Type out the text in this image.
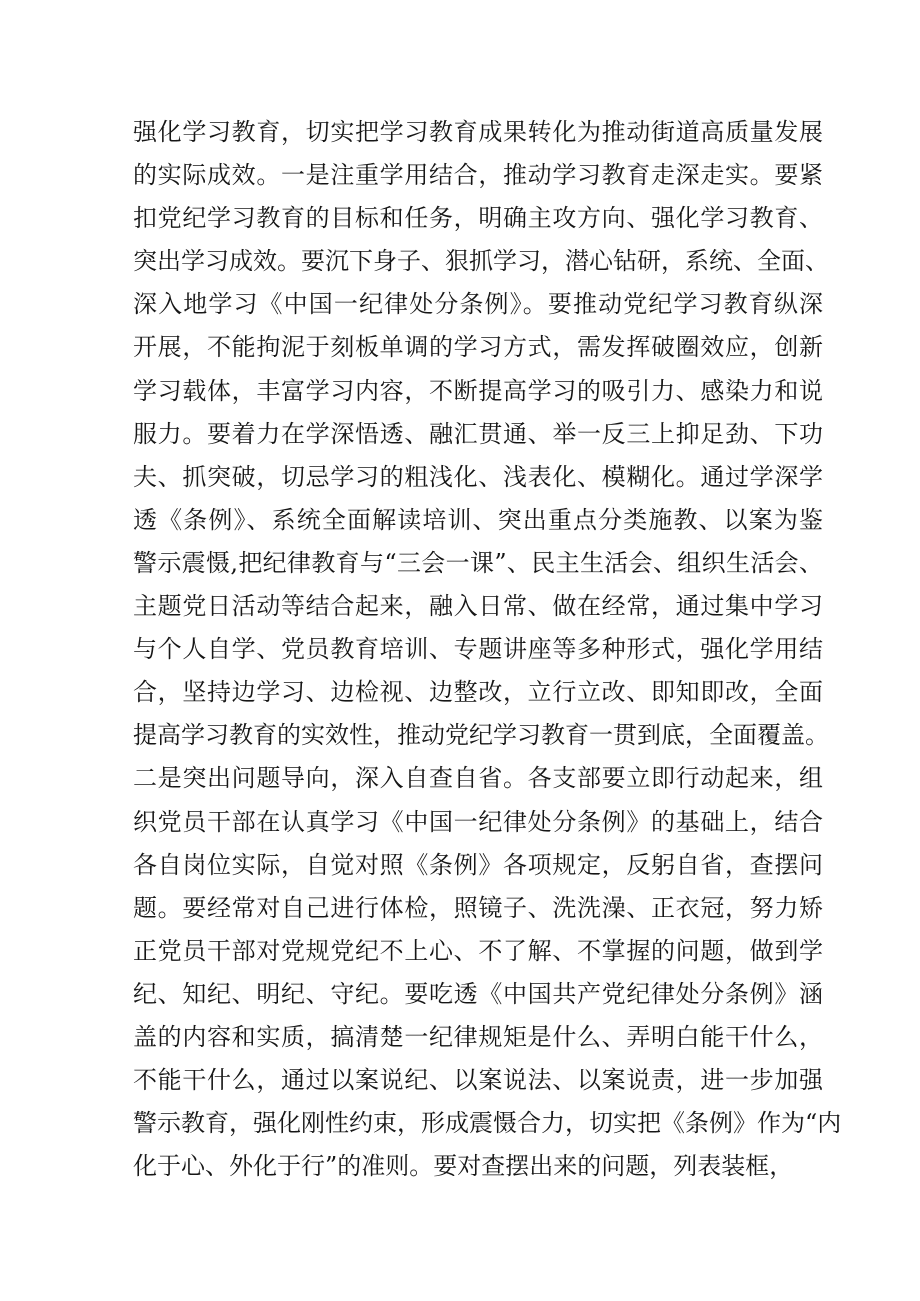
强化学习教育，切实把学习教育成果转化为推动街道高质量发展
的实际成效。一是注重学用结合，推动学习教育走深走实。要紧
扣党纪学习教育的目标和任务，明确主攻方向、强化学习教育、
突出学习成效。要沉下身子、狠抓学习，潜心钻研，系统、全面、
深入地学习《中国一纪律处分条例》。要推动党纪学习教育纵深
开展，不能拘泥于刻板单调的学习方式，需发挥破圈效应，创新
学习载体，丰富学习内容，不断提高学习的吸引力、感染力和说
服力。要着力在学深悟透、融汇贯通、举一反三上抑足劲、下功
夫、抓突破，切忌学习的粗浅化、浅表化、模糊化。通过学深学
透《条例》、系统全面解读培训、突出重点分类施教、以案为鉴
警示震慑,把纪律教育与“三会一课”、民主生活会、组织生活会、
主题党日活动等结合起来，融入日常、做在经常，通过集中学习
与个人自学、党员教育培训、专题讲座等多种形式，强化学用结
合，坚持边学习、边检视、边整改，立行立改、即知即改，全面
提高学习教育的实效性，推动党纪学习教育一贯到底，全面覆盖。
二是突出问题导向，深入自查自省。各支部要立即行动起来，组
织党员干部在认真学习《中国一纪律处分条例》的基础上，结合
各自岗位实际，自觉对照《条例》各项规定，反躬自省，查摆问
题。要经常对自己进行体检，照镜子、洗洗澡、正衣冠，努力矫
正党员干部对党规党纪不上心、不了解、不掌握的问题，做到学
纪、知纪、明纪、守纪。要吃透《中国共产党纪律处分条例》涵
盖的内容和实质，搞清楚一纪律规矩是什么、弄明白能干什么，
不能干什么，通过以案说纪、以案说法、以案说责，进一步加强
警示教育，强化刚性约束，形成震慑合力，切实把《条例》作为“内
化于心、外化于行”的准则。要对查摆出来的问题，列表装框，
